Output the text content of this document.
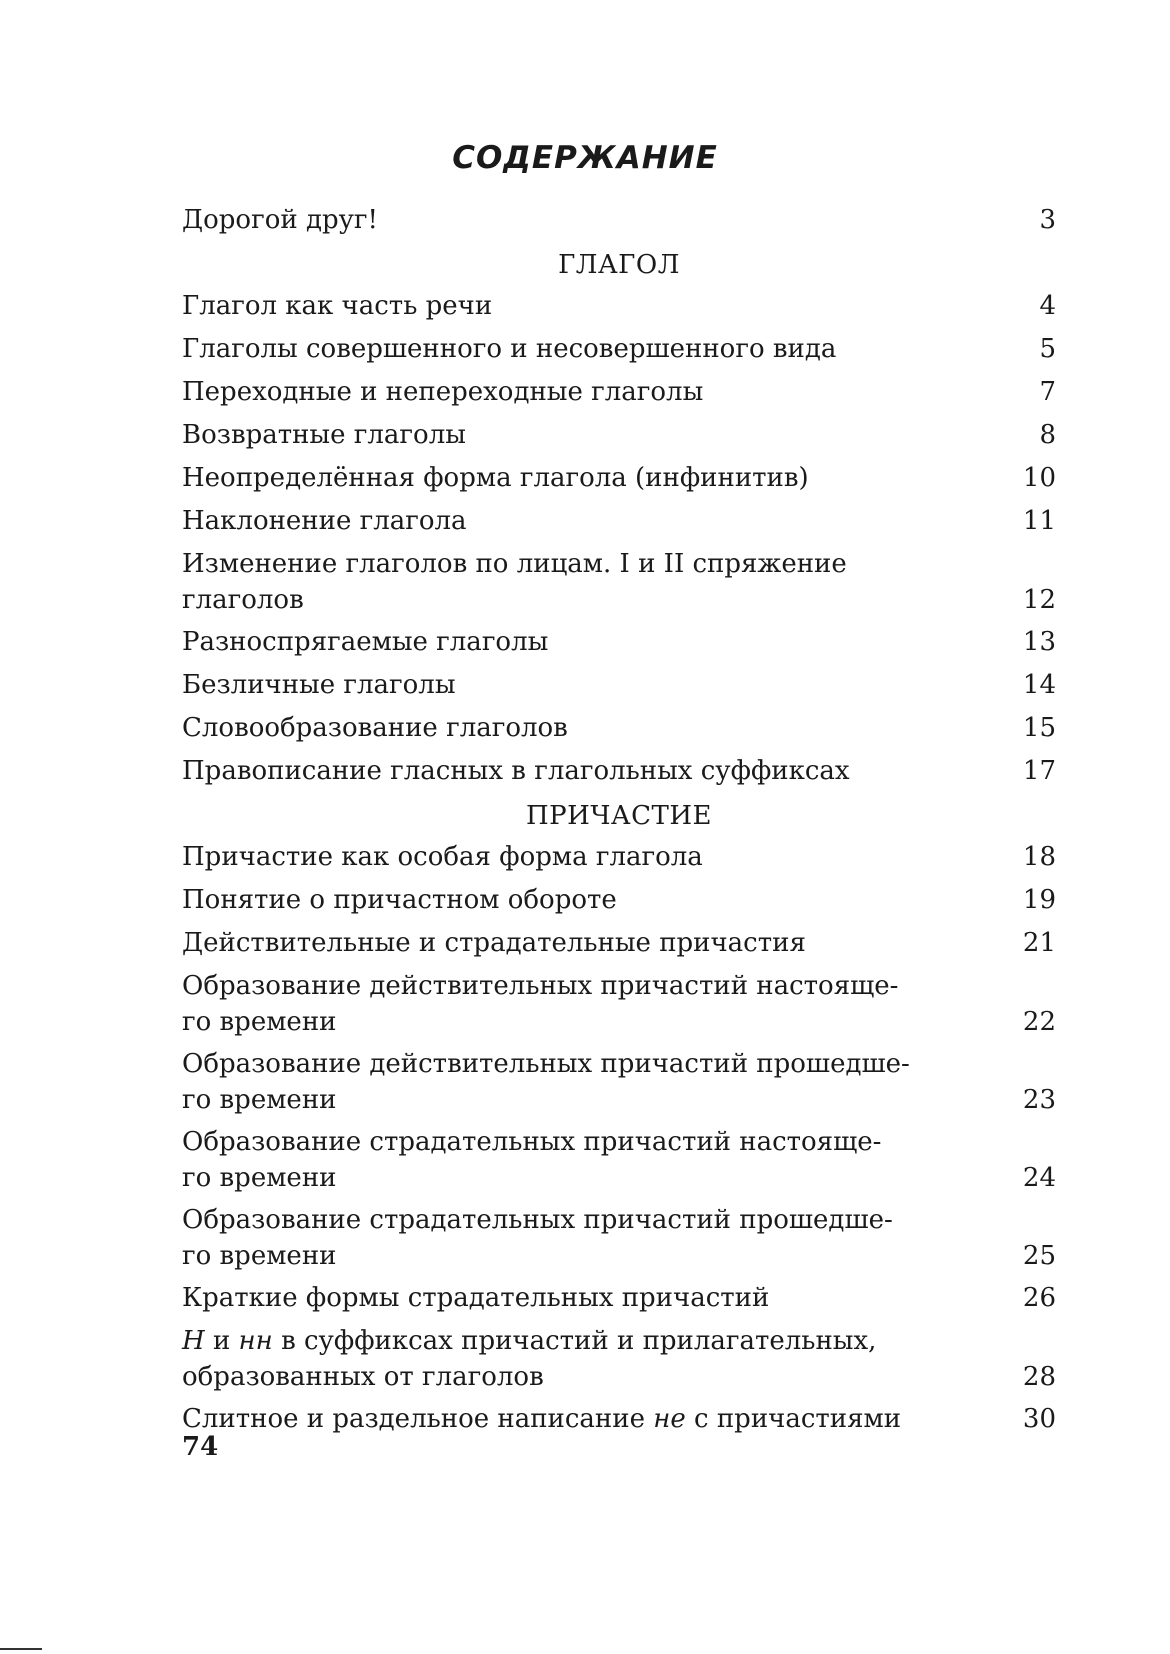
СОДЕРЖАНИЕ
Дорогой друг!	3
ГЛАГОЛ
Глагол как часть речи	4
Глаголы совершенного и несовершенного вида	5
Переходные и непереходные глаголы	7
Возвратные глаголы	8
Неопределённая форма глагола (инфинитив)	10
Наклонение глагола	11
Изменение глаголов по лицам. I и II спряжение
глаголов	12
Разноспрягаемые глаголы	13
Безличные глаголы	14
Словообразование глаголов	15
Правописание гласных в глагольных суффиксах	17
ПРИЧАСТИЕ
Причастие как особая форма глагола	18
Понятие о причастном обороте	19
Действительные и страдательные причастия	21
Образование действительных причастий настояще-
го времени	22
Образование действительных причастий прошедше-
го времени	23
Образование страдательных причастий настояще-
го времени	24
Образование страдательных причастий прошедше-
го времени	25
Краткие формы страдательных причастий	26
Н и нн в суффиксах причастий и прилагательных,
образованных от глаголов	28
Слитное и раздельное написание не с причастиями	30
74
